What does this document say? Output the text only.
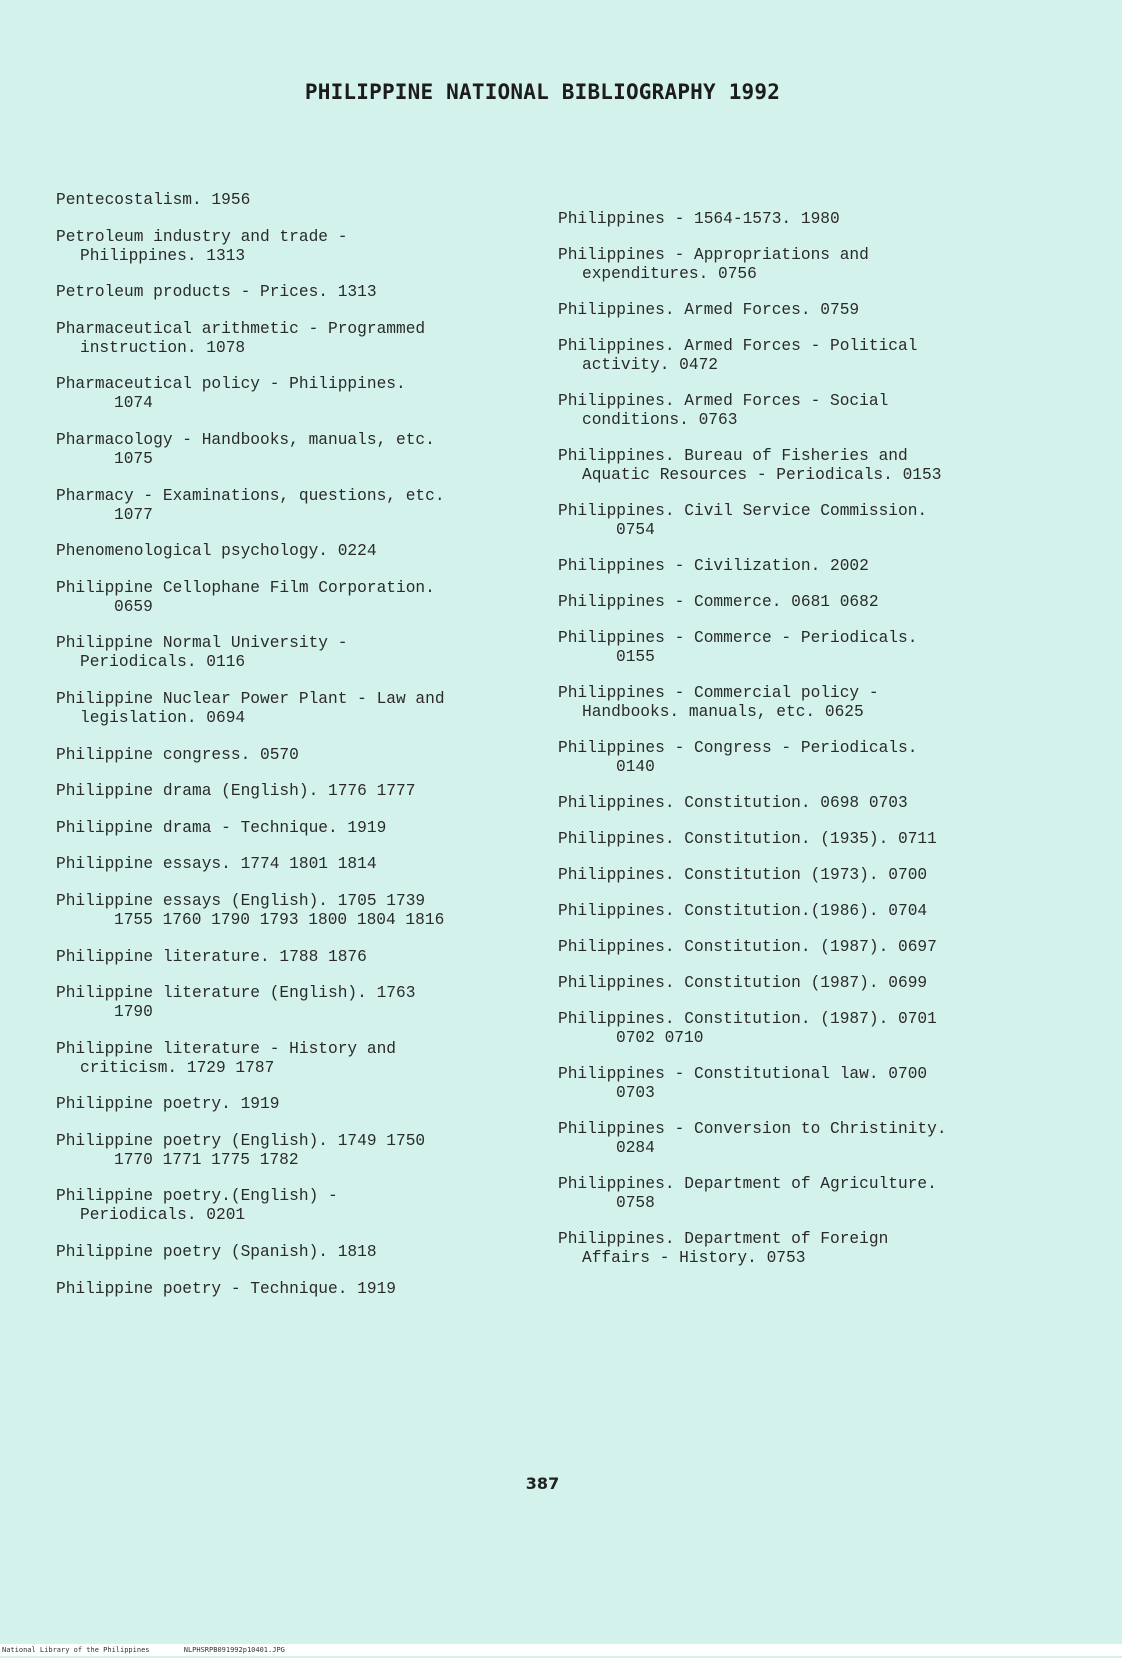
PHILIPPINE NATIONAL BIBLIOGRAPHY 1992
Pentecostalism. 1956
Petroleum industry and trade -
Philippines. 1313
Petroleum products - Prices. 1313
Pharmaceutical arithmetic - Programmed
instruction. 1078
Pharmaceutical policy - Philippines.
1074
Pharmacology - Handbooks, manuals, etc.
1075
Pharmacy - Examinations, questions, etc.
1077
Phenomenological psychology. 0224
Philippine Cellophane Film Corporation.
0659
Philippine Normal University -
Periodicals. 0116
Philippine Nuclear Power Plant - Law and
legislation. 0694
Philippine congress. 0570
Philippine drama (English). 1776 1777
Philippine drama - Technique. 1919
Philippine essays. 1774 1801 1814
Philippine essays (English). 1705 1739
1755 1760 1790 1793 1800 1804 1816
Philippine literature. 1788 1876
Philippine literature (English). 1763
1790
Philippine literature - History and
criticism. 1729 1787
Philippine poetry. 1919
Philippine poetry (English). 1749 1750
1770 1771 1775 1782
Philippine poetry.(English) -
Periodicals. 0201
Philippine poetry (Spanish). 1818
Philippine poetry - Technique. 1919
Philippines - 1564-1573. 1980
Philippines - Appropriations and
expenditures. 0756
Philippines. Armed Forces. 0759
Philippines. Armed Forces - Political
activity. 0472
Philippines. Armed Forces - Social
conditions. 0763
Philippines. Bureau of Fisheries and
Aquatic Resources - Periodicals. 0153
Philippines. Civil Service Commission.
0754
Philippines - Civilization. 2002
Philippines - Commerce. 0681 0682
Philippines - Commerce - Periodicals.
0155
Philippines - Commercial policy -
Handbooks. manuals, etc. 0625
Philippines - Congress - Periodicals.
0140
Philippines. Constitution. 0698 0703
Philippines. Constitution. (1935). 0711
Philippines. Constitution (1973). 0700
Philippines. Constitution.(1986). 0704
Philippines. Constitution. (1987). 0697
Philippines. Constitution (1987). 0699
Philippines. Constitution. (1987). 0701
0702 0710
Philippines - Constitutional law. 0700
0703
Philippines - Conversion to Christinity.
0284
Philippines. Department of Agriculture.
0758
Philippines. Department of Foreign
Affairs - History. 0753
387
National Library of the Philippines	NLPHSRPB091992p10401.JPG
